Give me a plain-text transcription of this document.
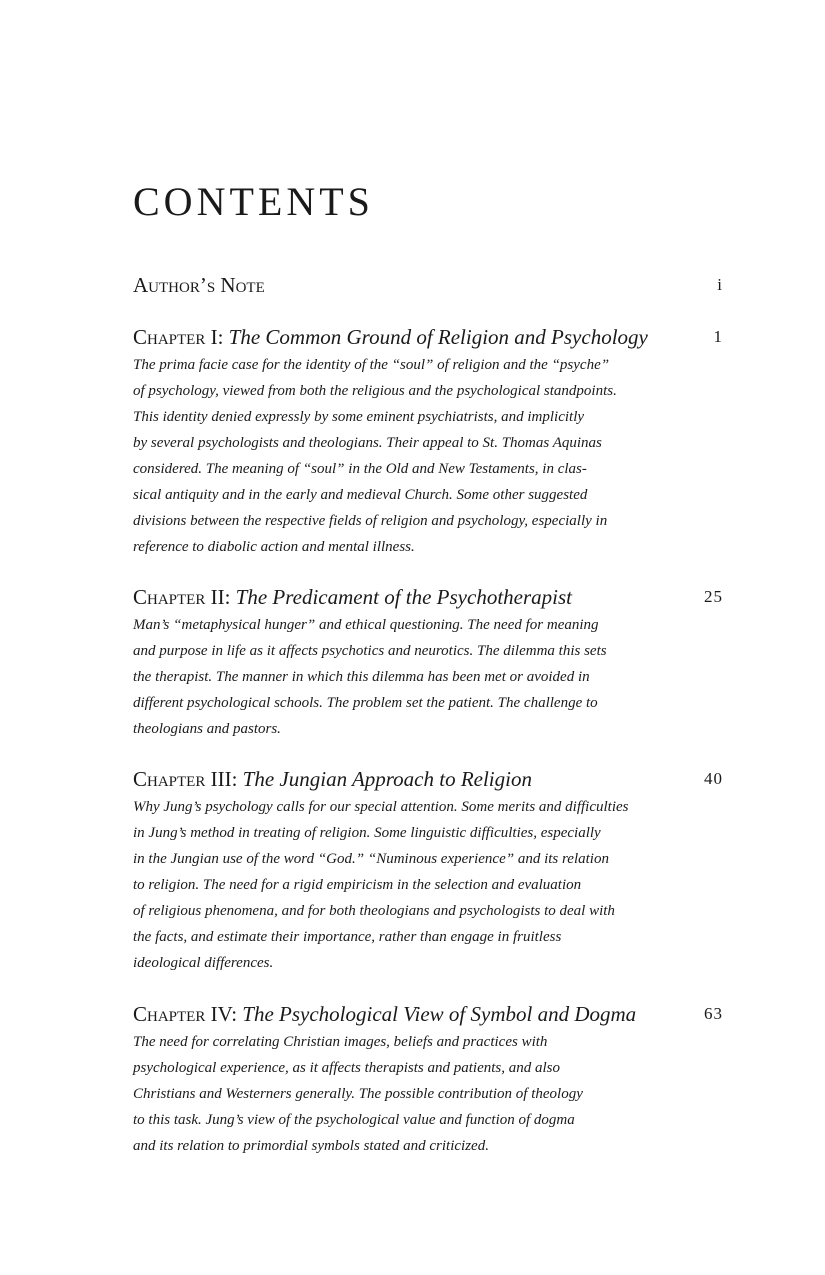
CONTENTS
Author’s Note	i
Chapter I: The Common Ground of Religion and Psychology	1
The prima facie case for the identity of the “soul” of religion and the “psyche”
of psychology, viewed from both the religious and the psychological standpoints.
This identity denied expressly by some eminent psychiatrists, and implicitly
by several psychologists and theologians. Their appeal to St. Thomas Aquinas
considered. The meaning of “soul” in the Old and New Testaments, in clas-
sical antiquity and in the early and medieval Church. Some other suggested
divisions between the respective fields of religion and psychology, especially in
reference to diabolic action and mental illness.
Chapter II: The Predicament of the Psychotherapist	25
Man’s “metaphysical hunger” and ethical questioning. The need for meaning
and purpose in life as it affects psychotics and neurotics. The dilemma this sets
the therapist. The manner in which this dilemma has been met or avoided in
different psychological schools. The problem set the patient. The challenge to
theologians and pastors.
Chapter III: The Jungian Approach to Religion	40
Why Jung’s psychology calls for our special attention. Some merits and difficulties
in Jung’s method in treating of religion. Some linguistic difficulties, especially
in the Jungian use of the word “God.” “Numinous experience” and its relation
to religion. The need for a rigid empiricism in the selection and evaluation
of religious phenomena, and for both theologians and psychologists to deal with
the facts, and estimate their importance, rather than engage in fruitless
ideological differences.
Chapter IV: The Psychological View of Symbol and Dogma	63
The need for correlating Christian images, beliefs and practices with
psychological experience, as it affects therapists and patients, and also
Christians and Westerners generally. The possible contribution of theology
to this task. Jung’s view of the psychological value and function of dogma
and its relation to primordial symbols stated and criticized.
